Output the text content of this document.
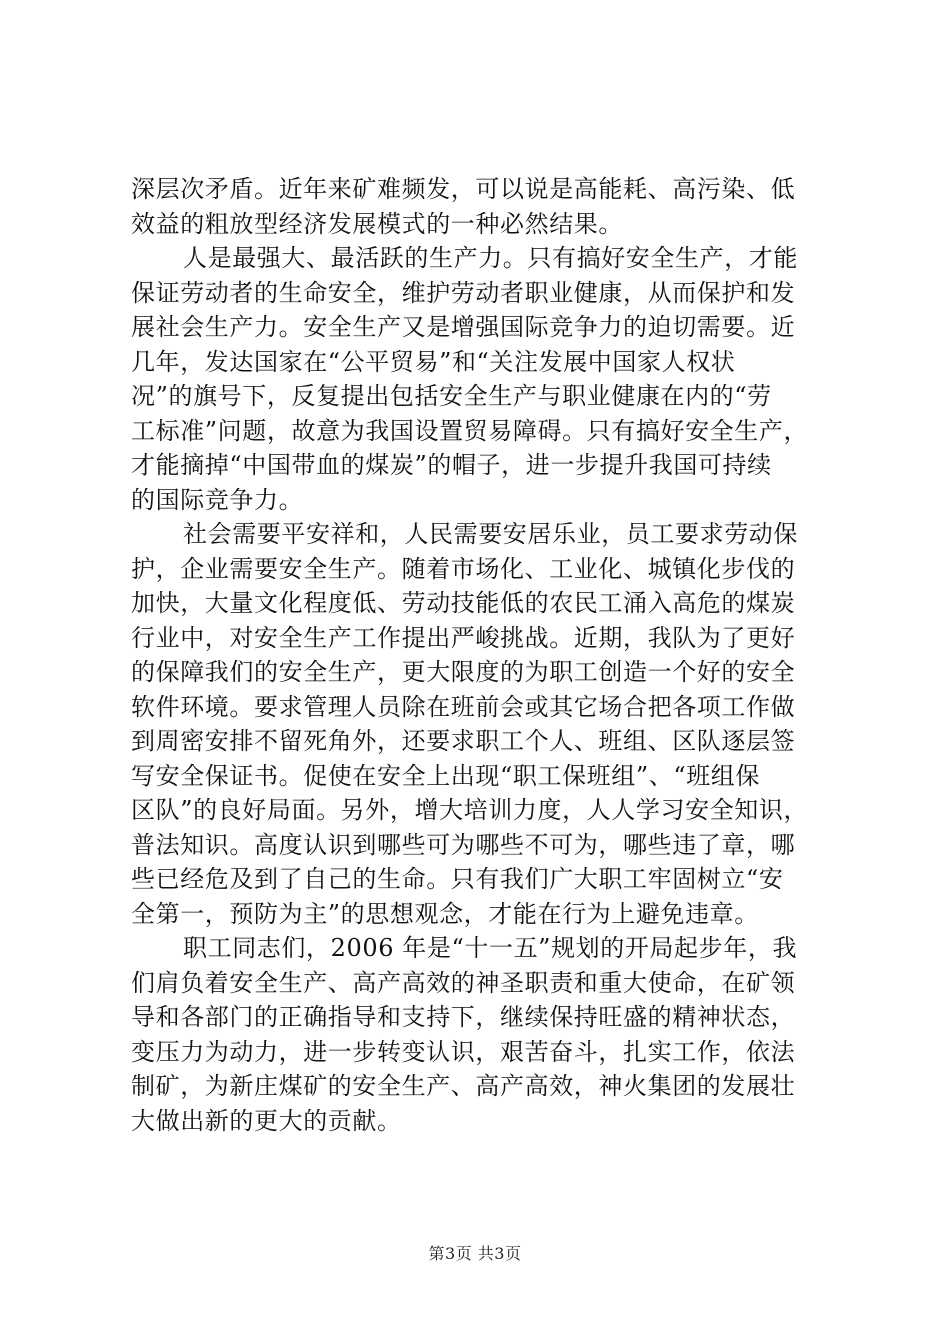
深层次矛盾。近年来矿难频发，可以说是高能耗、高污染、低
效益的粗放型经济发展模式的一种必然结果。
人是最强大、最活跃的生产力。只有搞好安全生产，才能
保证劳动者的生命安全，维护劳动者职业健康，从而保护和发
展社会生产力。安全生产又是增强国际竞争力的迫切需要。近
几年，发达国家在“公平贸易”和“关注发展中国家人权状
况”的旗号下，反复提出包括安全生产与职业健康在内的“劳
工标准”问题，故意为我国设置贸易障碍。只有搞好安全生产，
才能摘掉“中国带血的煤炭”的帽子，进一步提升我国可持续
的国际竞争力。
社会需要平安祥和，人民需要安居乐业，员工要求劳动保
护，企业需要安全生产。随着市场化、工业化、城镇化步伐的
加快，大量文化程度低、劳动技能低的农民工涌入高危的煤炭
行业中，对安全生产工作提出严峻挑战。近期，我队为了更好
的保障我们的安全生产，更大限度的为职工创造一个好的安全
软件环境。要求管理人员除在班前会或其它场合把各项工作做
到周密安排不留死角外，还要求职工个人、班组、区队逐层签
写安全保证书。促使在安全上出现“职工保班组”、“班组保
区队”的良好局面。另外，增大培训力度，人人学习安全知识，
普法知识。高度认识到哪些可为哪些不可为，哪些违了章，哪
些已经危及到了自己的生命。只有我们广大职工牢固树立“安
全第一，预防为主”的思想观念，才能在行为上避免违章。
职工同志们，2006 年是“十一五”规划的开局起步年，我
们肩负着安全生产、高产高效的神圣职责和重大使命，在矿领
导和各部门的正确指导和支持下，继续保持旺盛的精神状态，
变压力为动力，进一步转变认识，艰苦奋斗，扎实工作，依法
制矿，为新庄煤矿的安全生产、高产高效，神火集团的发展壮
大做出新的更大的贡献。
第3页 共3页
